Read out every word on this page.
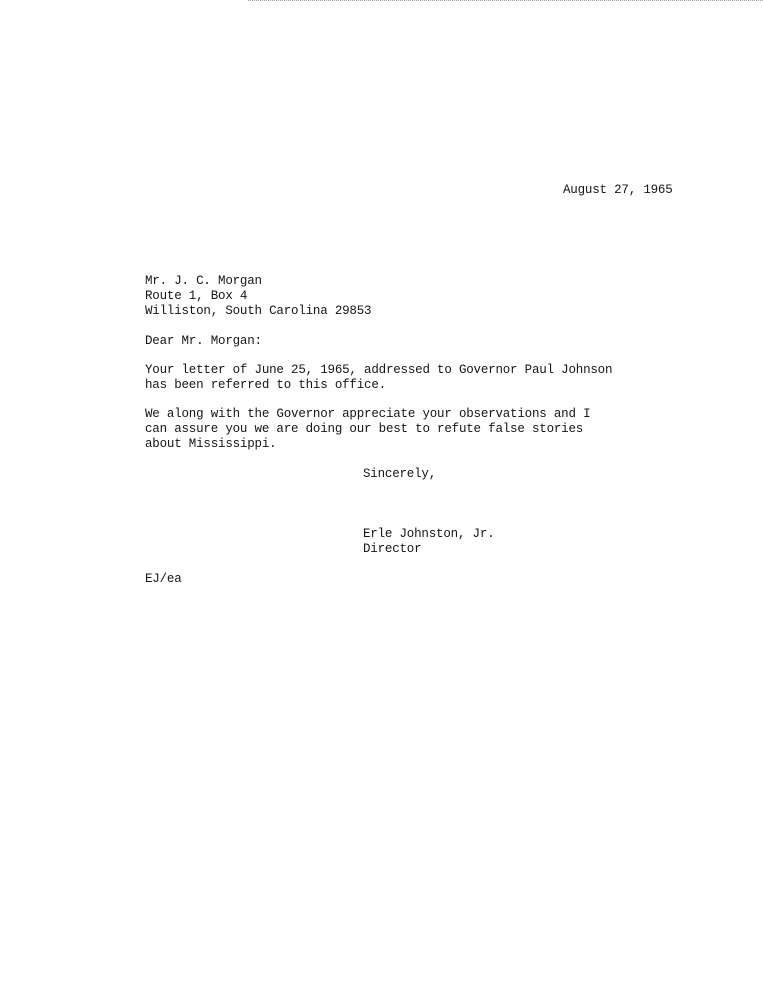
August 27, 1965
Mr. J. C. Morgan
Route 1, Box 4
Williston, South Carolina 29853
Dear Mr. Morgan:
Your letter of June 25, 1965, addressed to Governor Paul Johnson
has been referred to this office.
We along with the Governor appreciate your observations and I
can assure you we are doing our best to refute false stories
about Mississippi.
Sincerely,
Erle Johnston, Jr.
Director
EJ/ea
